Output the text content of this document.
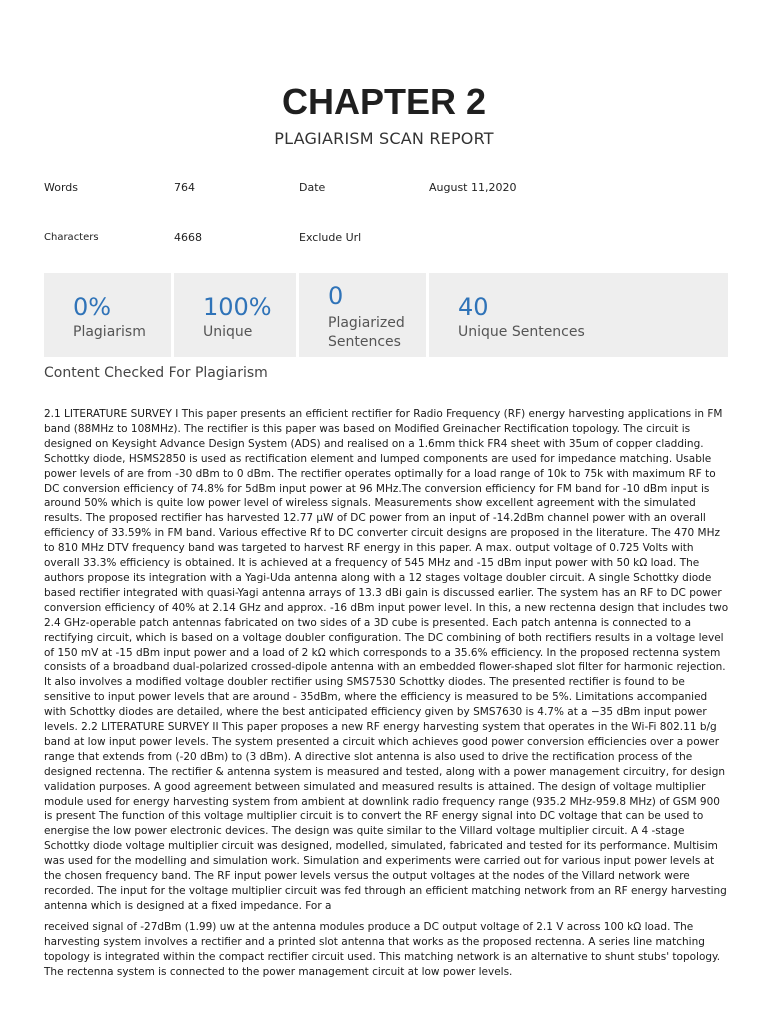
CHAPTER 2
PLAGIARISM SCAN REPORT
Words	764	Date	August 11,2020
Characters	4668	Exclude Url
0%
Plagiarism
100%
Unique
0
Plagiarized Sentences
40
Unique Sentences
Content Checked For Plagiarism

2.1 LITERATURE SURVEY I This paper presents an efficient rectifier for Radio Frequency (RF) energy harvesting applications in FM band (88MHz to 108MHz). The rectifier is this paper was based on Modified Greinacher Rectification topology. The circuit is designed on Keysight Advance Design System (ADS) and realised on a 1.6mm thick FR4 sheet with 35um of copper cladding. Schottky diode, HSMS2850 is used as rectification element and lumped components are used for impedance matching. Usable power levels of are from -30 dBm to 0 dBm. The rectifier operates optimally for a load range of 10k to 75k with maximum RF to DC conversion efficiency of 74.8% for 5dBm input power at 96 MHz.The conversion efficiency for FM band for -10 dBm input is around 50% which is quite low power level of wireless signals. Measurements show excellent agreement with the simulated results. The proposed rectifier has harvested 12.77 µW of DC power from an input of -14.2dBm channel power with an overall efficiency of 33.59% in FM band. Various effective Rf to DC converter circuit designs are proposed in the literature. The 470 MHz to 810 MHz DTV frequency band was targeted to harvest RF energy in this paper. A max. output voltage of 0.725 Volts with overall 33.3% efficiency is obtained. It is achieved at a frequency of 545 MHz and -15 dBm input power with 50 kΩ load. The authors propose its integration with a Yagi-Uda antenna along with a 12 stages voltage doubler circuit. A single Schottky diode based rectifier integrated with quasi-Yagi antenna arrays of 13.3 dBi gain is discussed earlier. The system has an RF to DC power conversion efficiency of 40% at 2.14 GHz and approx. -16 dBm input power level. In this, a new rectenna design that includes two 2.4 GHz-operable patch antennas fabricated on two sides of a 3D cube is presented. Each patch antenna is connected to a rectifying circuit, which is based on a voltage doubler configuration. The DC combining of both rectifiers results in a voltage level of 150 mV at -15 dBm input power and a load of 2 kΩ which corresponds to a 35.6% efficiency. In the proposed rectenna system consists of a broadband dual-polarized crossed-dipole antenna with an embedded flower-shaped slot filter for harmonic rejection. It also involves a modified voltage doubler rectifier using SMS7530 Schottky diodes. The presented rectifier is found to be sensitive to input power levels that are around - 35dBm, where the efficiency is measured to be 5%. Limitations accompanied with Schottky diodes are detailed, where the best anticipated efficiency given by SMS7630 is 4.7% at a −35 dBm input power levels. 2.2 LITERATURE SURVEY II This paper proposes a new RF energy harvesting system that operates in the Wi-Fi 802.11 b/g band at low input power levels. The system presented a circuit which achieves good power conversion efficiencies over a power range that extends from (-20 dBm) to (3 dBm). A directive slot antenna is also used to drive the rectification process of the designed rectenna. The rectifier & antenna system is measured and tested, along with a power management circuitry, for design validation purposes. A good agreement between simulated and measured results is attained. The design of voltage multiplier module used for energy harvesting system from ambient at downlink radio frequency range (935.2 MHz-959.8 MHz) of GSM 900 is present The function of this voltage multiplier circuit is to convert the RF energy signal into DC voltage that can be used to energise the low power electronic devices. The design was quite similar to the Villard voltage multiplier circuit. A 4 -stage Schottky diode voltage multiplier circuit was designed, modelled, simulated, fabricated and tested for its performance. Multisim was used for the modelling and simulation work. Simulation and experiments were carried out for various input power levels at the chosen frequency band. The RF input power levels versus the output voltages at the nodes of the Villard network were recorded. The input for the voltage multiplier circuit was fed through an efficient matching network from an RF energy harvesting antenna which is designed at a fixed impedance. For a

received signal of -27dBm (1.99) uw at the antenna modules produce a DC output voltage of 2.1 V across 100 kΩ load. The harvesting system involves a rectifier and a printed slot antenna that works as the proposed rectenna. A series line matching topology is integrated within the compact rectifier circuit used. This matching network is an alternative to shunt stubs' topology. The rectenna system is connected to the power management circuit at low power levels.
